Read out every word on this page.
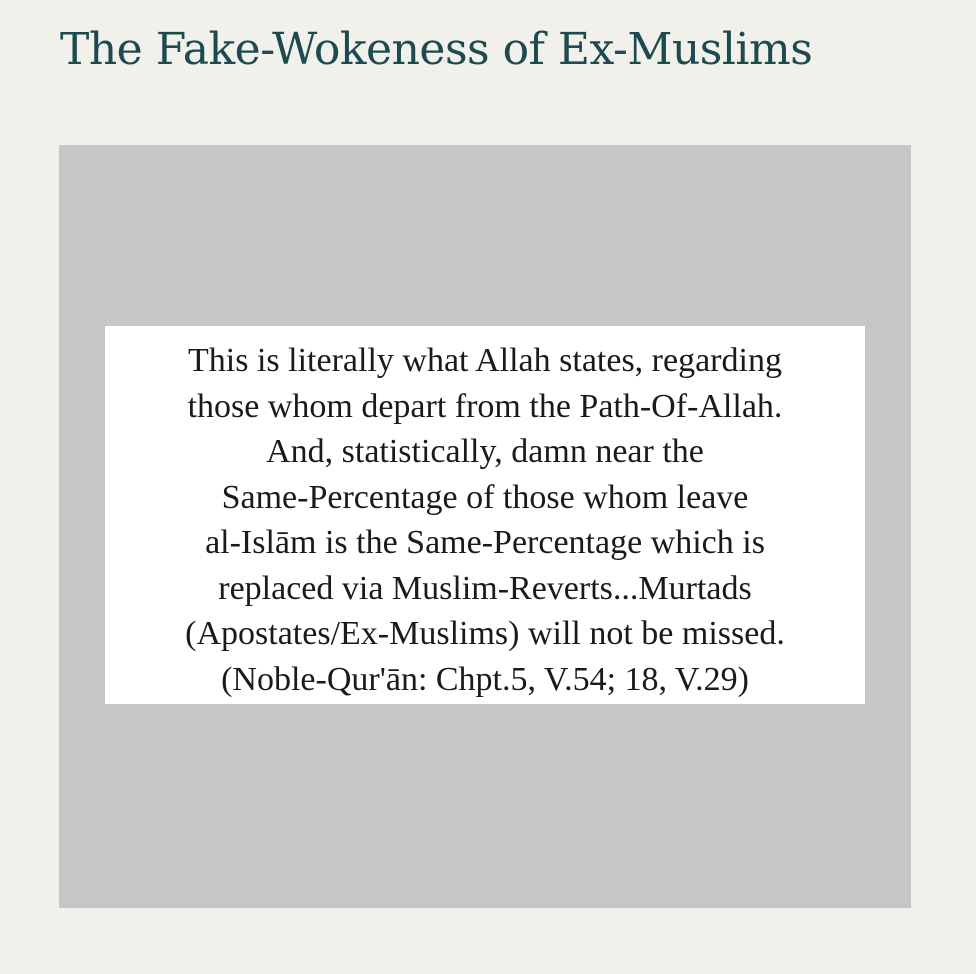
The Fake-Wokeness of Ex-Muslims
This is literally what Allah states, regarding
those whom depart from the Path-Of-Allah.
And, statistically, damn near the
Same-Percentage of those whom leave
al-Islām is the Same-Percentage which is
replaced via Muslim-Reverts...Murtads
(Apostates/Ex-Muslims) will not be missed.
(Noble-Qur'ān: Chpt.5, V.54; 18, V.29)
